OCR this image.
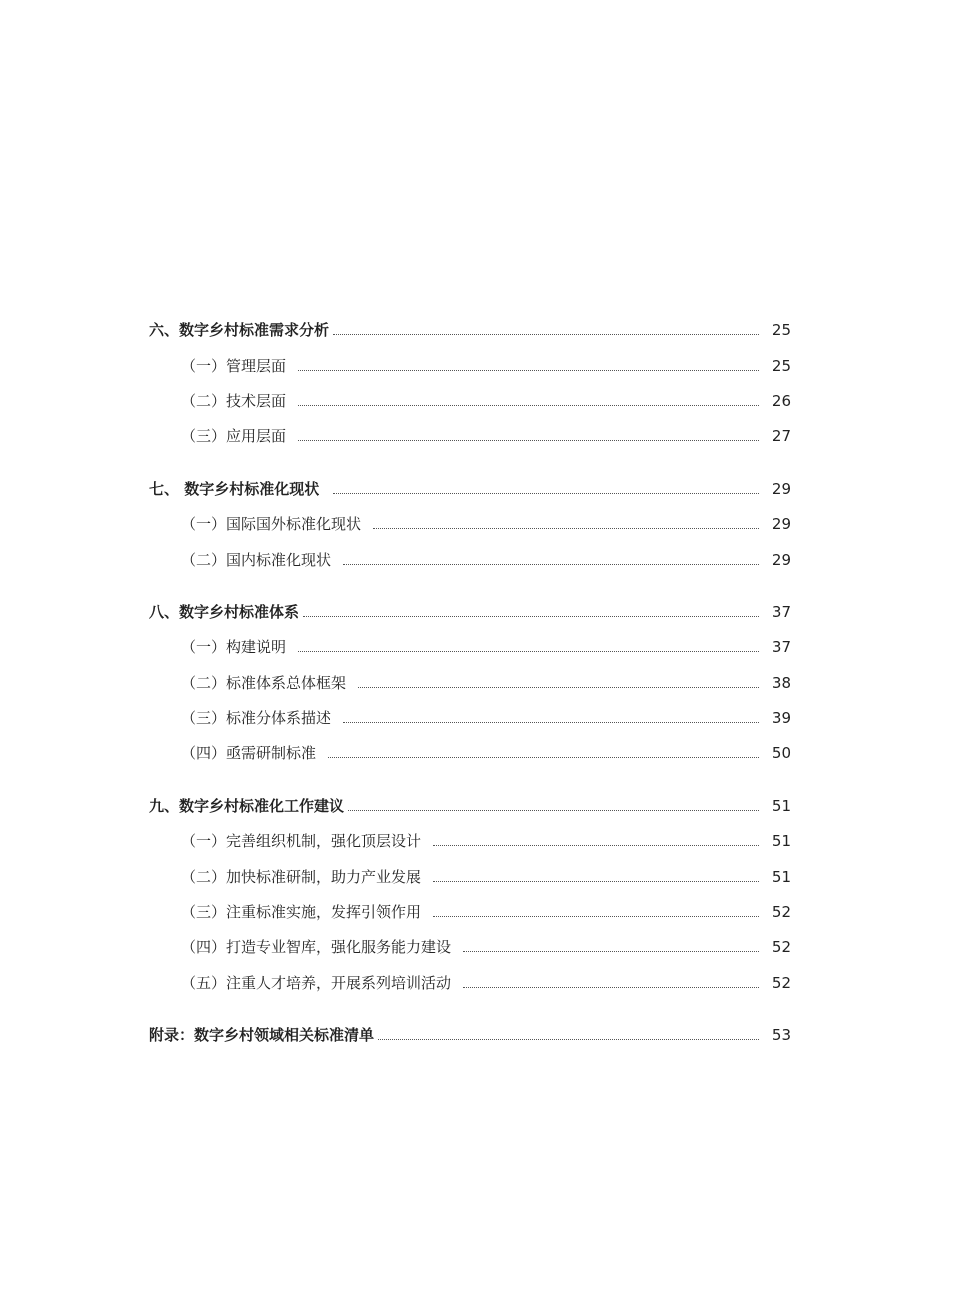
六、数字乡村标准需求分析	25
（一）管理层面	25
（二）技术层面	26
（三）应用层面	27
七、 数字乡村标准化现状	29
（一）国际国外标准化现状	29
（二）国内标准化现状	29
八、数字乡村标准体系	37
（一）构建说明	37
（二）标准体系总体框架	38
（三）标准分体系描述	39
（四）亟需研制标准	50
九、数字乡村标准化工作建议	51
（一）完善组织机制，强化顶层设计	51
（二）加快标准研制，助力产业发展	51
（三）注重标准实施，发挥引领作用	52
（四）打造专业智库，强化服务能力建设	52
（五）注重人才培养，开展系列培训活动	52
附录：数字乡村领域相关标准清单	53
